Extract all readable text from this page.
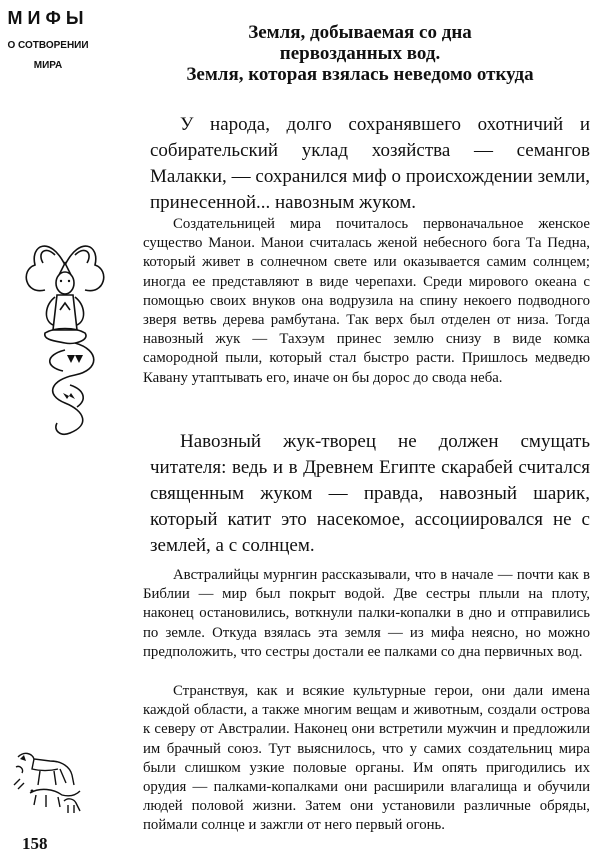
МИФЫ
О СОТВОРЕНИИ
МИРА
Земля, добываемая со дна
первозданных вод.
Земля, которая взялась неведомо откуда

У народа, долго сохранявшего охотничий и собирательский уклад хозяйства — семангов Малакки, — сохранился миф о происхождении земли, принесенной... навозным жуком.

Создательницей мира почиталось первоначальное женское существо Манои. Манои считалась женой небесного бога Та Педна, который живет в солнечном свете или оказывается самим солнцем; иногда ее представляют в виде черепахи. Среди мирового океана с помощью своих внуков она водрузила на спину некоего подводного зверя ветвь дерева рамбутана. Так верх был отделен от низа. Тогда навозный жук — Тахэум принес землю снизу в виде комка самородной пыли, который стал быстро расти. Пришлось медведю Кавану утаптывать его, иначе он бы дорос до свода неба.

Навозный жук-творец не должен смущать читателя: ведь и в Древнем Египте скарабей считался священным жуком — правда, навозный шарик, который катит это насекомое, ассоциировался не с землей, а с солнцем.

Австралийцы мурнгин рассказывали, что в начале — почти как в Библии — мир был покрыт водой. Две сестры плыли на плоту, наконец остановились, воткнули палки-копалки в дно и отправились по земле. Откуда взялась эта земля — из мифа неясно, но можно предположить, что сестры достали ее палками со дна первичных вод.

Странствуя, как и всякие культурные герои, они дали имена каждой области, а также многим вещам и животным, создали острова к северу от Австралии. Наконец они встретили мужчин и предложили им брачный союз. Тут выяснилось, что у самих создательниц мира были слишком узкие половые органы. Им опять пригодились их орудия — палками-копалками они расширили влагалища и обучили людей половой жизни. Затем они установили различные обряды, поймали солнце и зажгли от него первый огонь.

158
